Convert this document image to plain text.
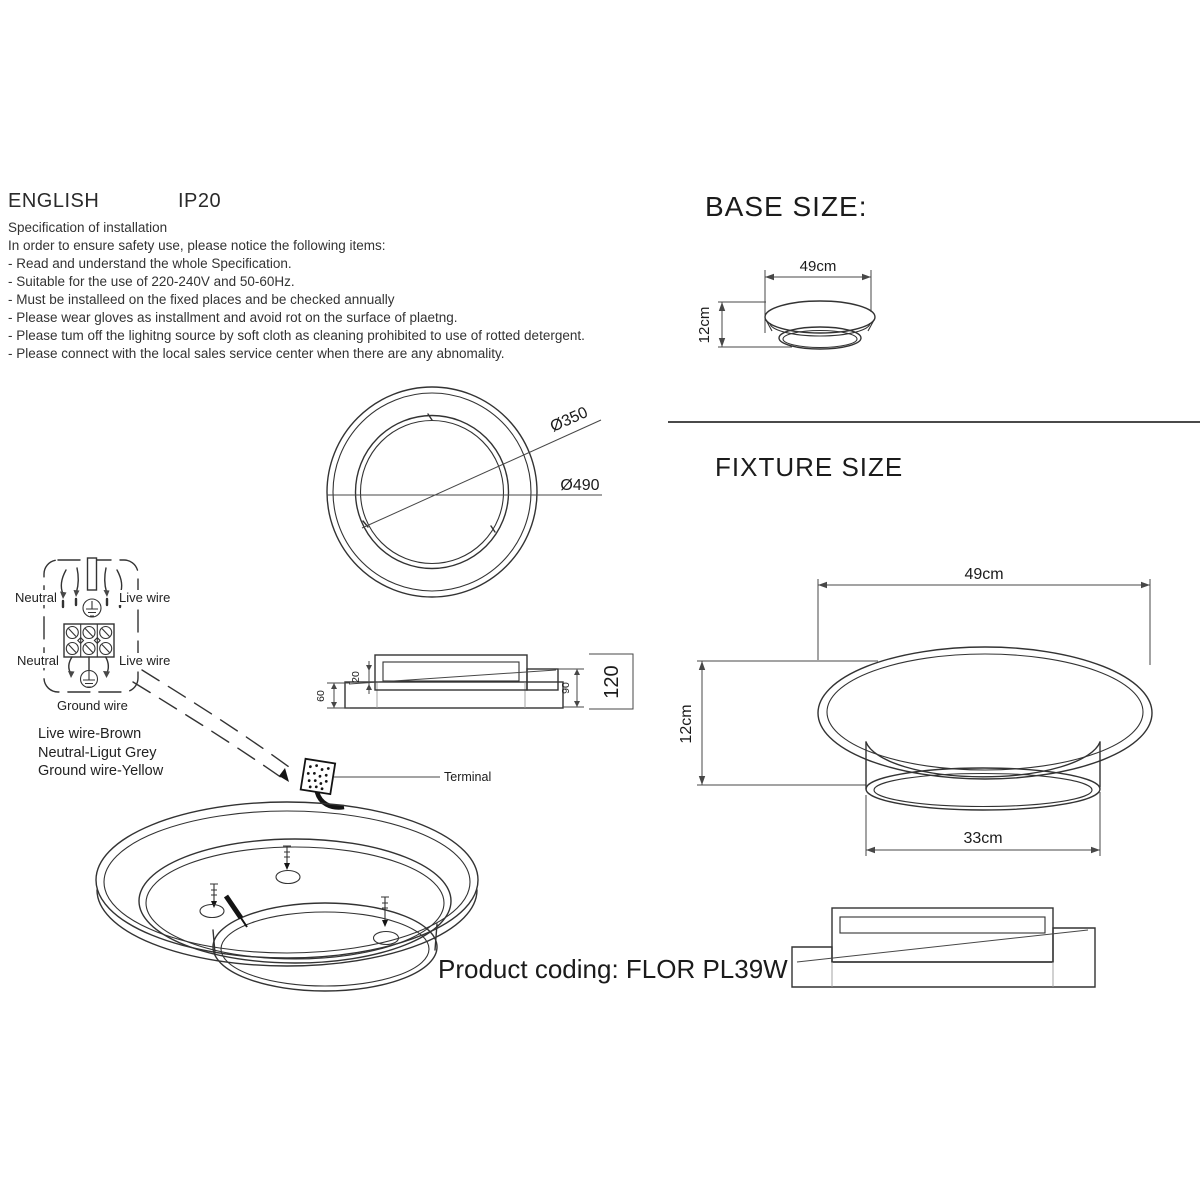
ENGLISH	IP20
Specification of installation
In order to ensure safety use, please notice the following items:
- Read and understand the whole Specification.
- Suitable for the use of 220-240V and 50-60Hz.
- Must be installeed on the fixed places and be checked annually
- Please wear gloves as installment and avoid rot on the surface of plaetng.
- Please tum off the lighitng source by soft cloth as cleaning prohibited to use of rotted detergent.
- Please connect with the local sales service center when there are any abnomality.
BASE SIZE:
49cm
12cm
Ø490
Ø350
FIXTURE SIZE
Terminal
Neutral	Live wire
Neutral	Live wire
Ground wire
Live wire-Brown
Neutral-Ligut Grey
Ground wire-Yellow
20
60
90 120
49cm
12cm
33cm
Product coding: FLOR PL39W
